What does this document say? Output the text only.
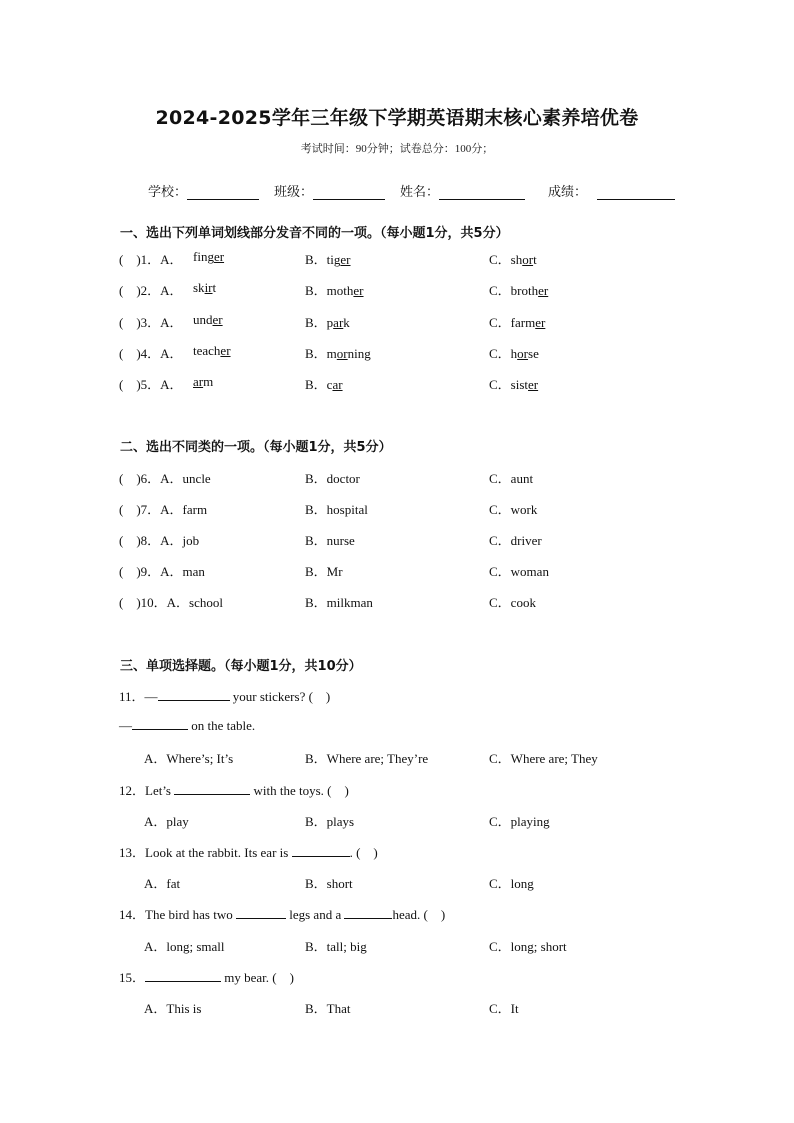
2024-2025学年三年级下学期英语期末核心素养培优卷
考试时间：90分钟；试卷总分：100分；
学校：	班级：	姓名：	成绩：
一、选出下列单词划线部分发音不同的一项。（每小题1分，共5分）
(　)1．A． finger	B．tiger	C．short
(　)2．A． skirt	B．mother	C．brother
(　)3．A． under	B．park	C．farmer
(　)4．A． teacher	B．morning	C．horse
(　)5．A． arm	B．car	C．sister
二、选出不同类的一项。（每小题1分，共5分）
(　)6．A．uncle	B．doctor	C．aunt
(　)7．A．farm	B．hospital	C．work
(　)8．A．job	B．nurse	C．driver
(　)9．A．man	B．Mr	C．woman
(　)10．A．school	B．milkman	C．cook
三、单项选择题。（每小题1分，共10分）
11．—	your stickers? (　)
—	on the table.
A．Where’s; It’s	B．Where are; They’re	C．Where are; They
12．Let’s	with the toys. (　)
A．play	B．plays	C．playing
13．Look at the rabbit. Its ear is	. (　)
A．fat	B．short	C．long
14．The bird has two	legs and a	head. (　)
A．long; small	B．tall; big	C．long; short
15．	my bear. (　)
A．This is	B．That	C．It
